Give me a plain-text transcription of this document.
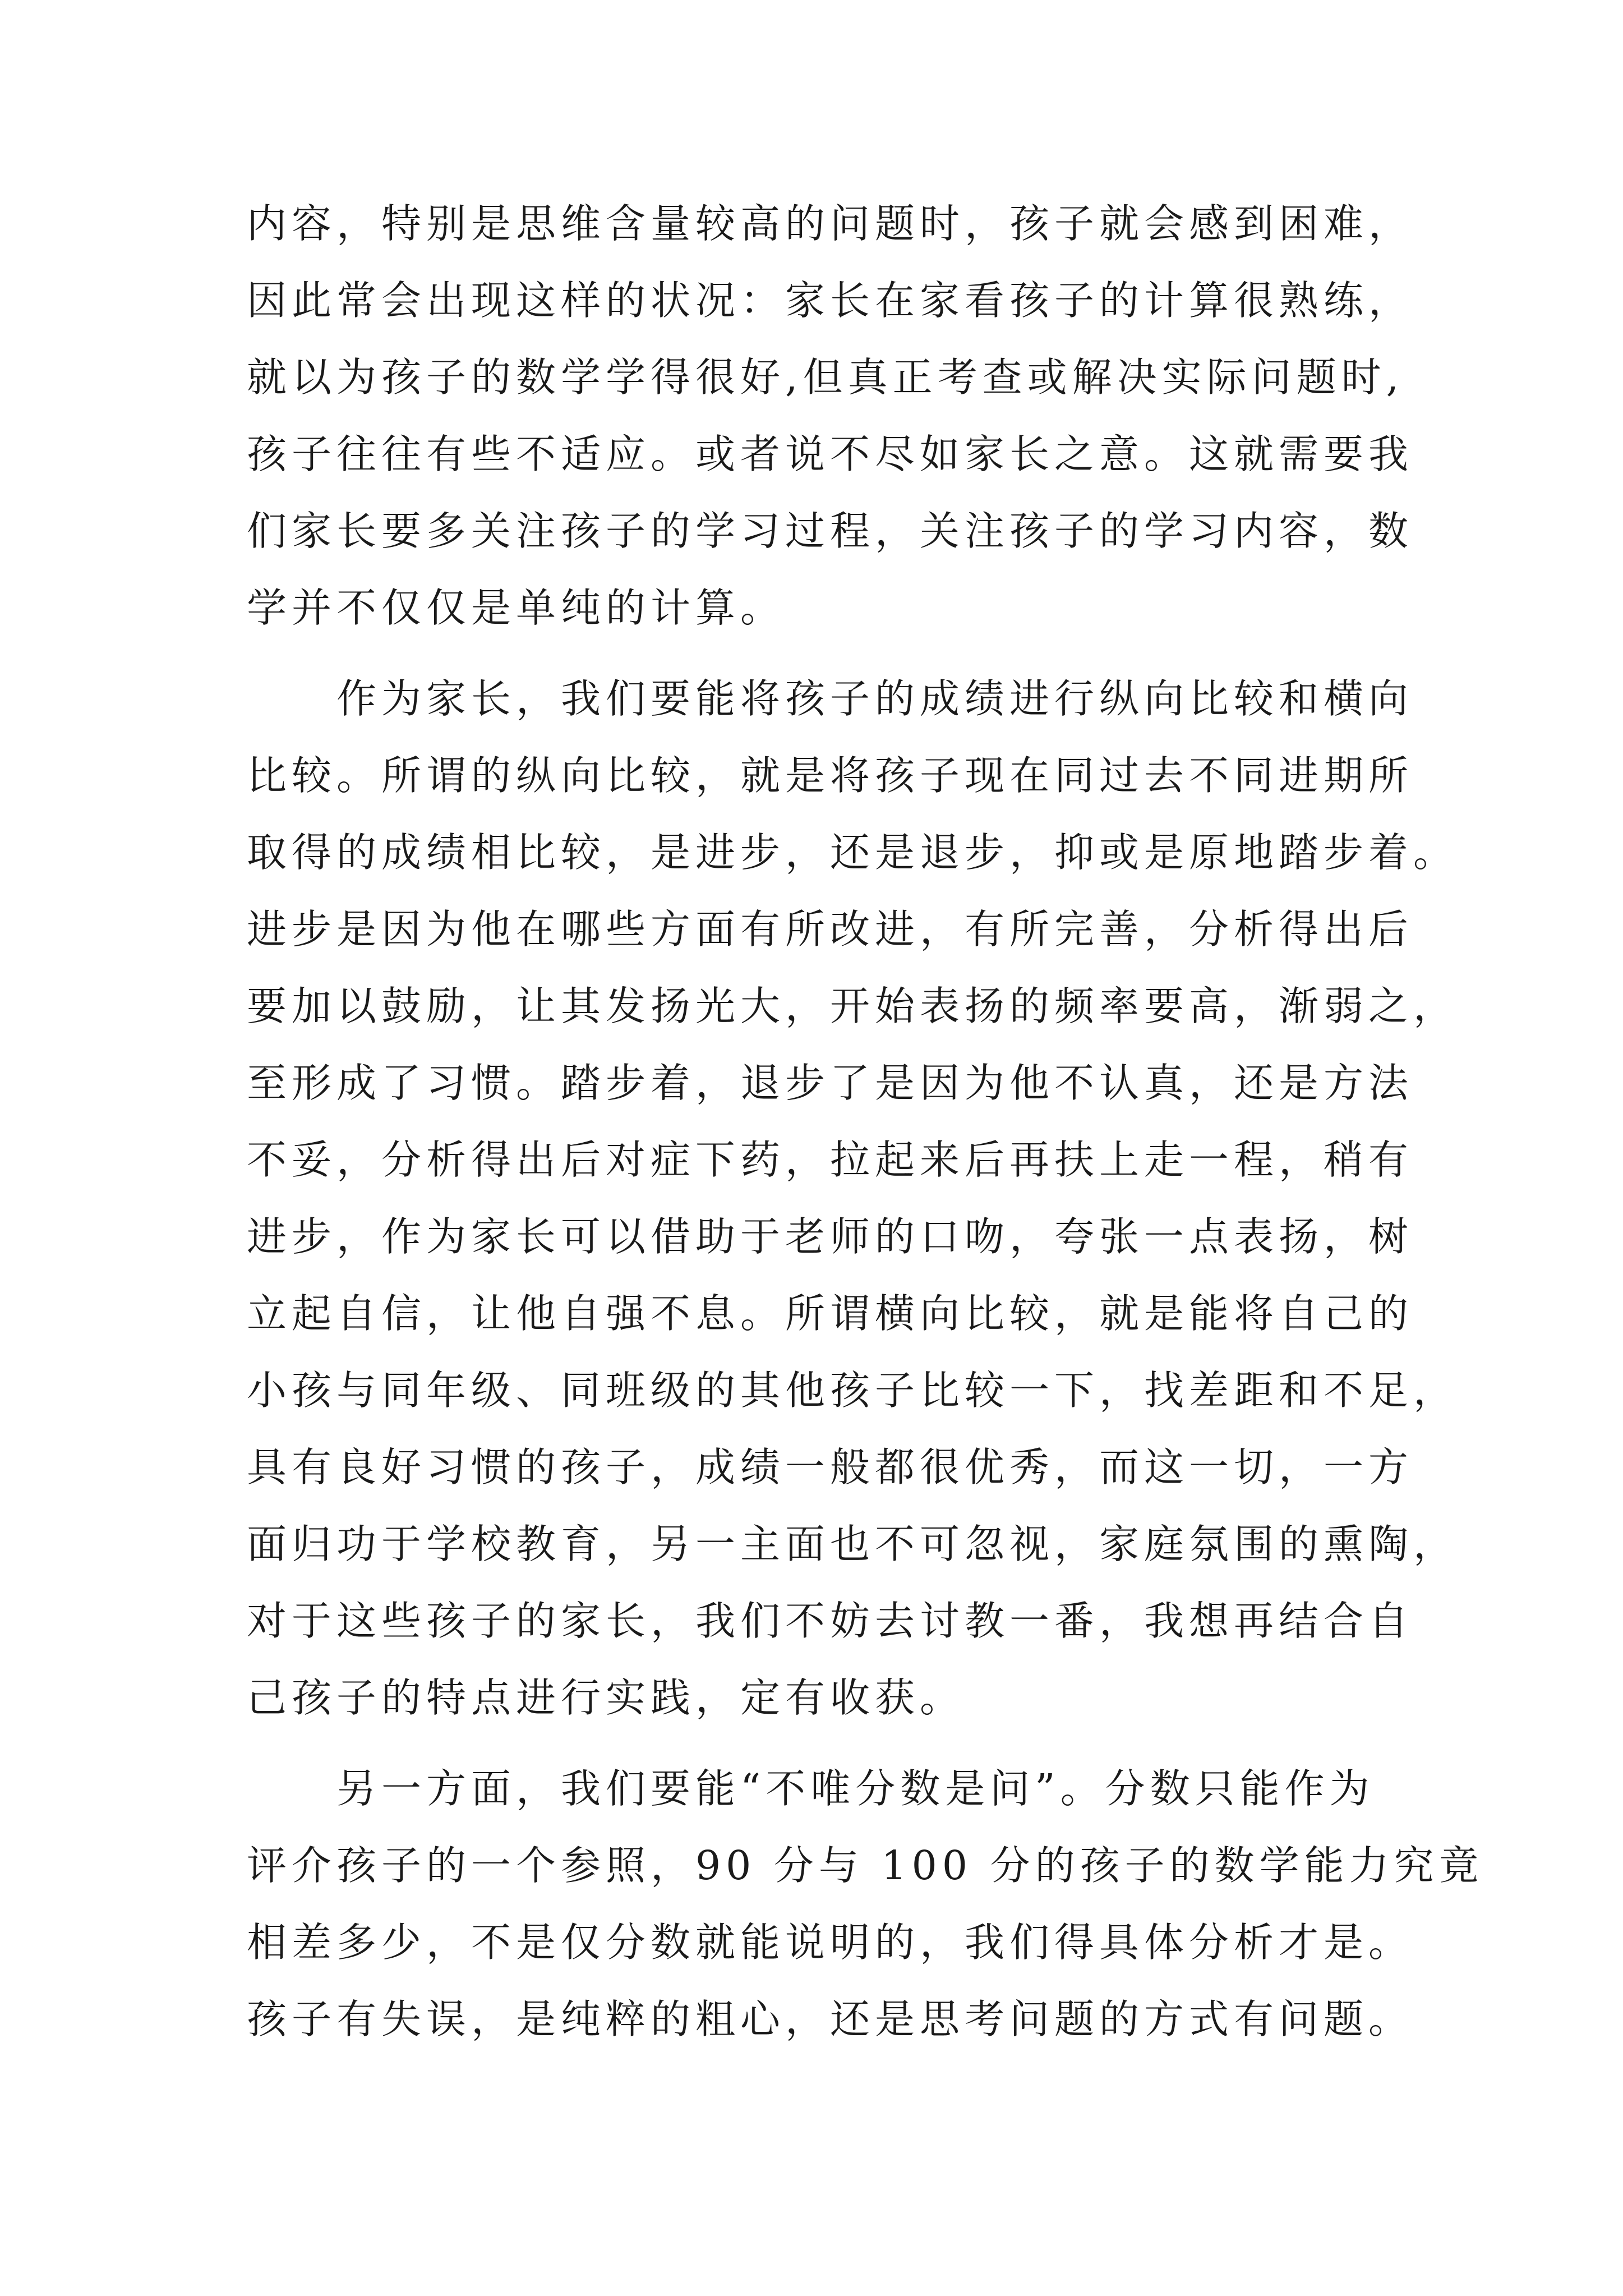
内容，特别是思维含量较高的问题时，孩子就会感到困难，
因此常会出现这样的状况：家长在家看孩子的计算很熟练，
就以为孩子的数学学得很好,但真正考查或解决实际问题时,
孩子往往有些不适应。或者说不尽如家长之意。这就需要我
们家长要多关注孩子的学习过程，关注孩子的学习内容，数
学并不仅仅是单纯的计算。
　　作为家长，我们要能将孩子的成绩进行纵向比较和横向
比较。所谓的纵向比较，就是将孩子现在同过去不同进期所
取得的成绩相比较，是进步，还是退步，抑或是原地踏步着。
进步是因为他在哪些方面有所改进，有所完善，分析得出后
要加以鼓励，让其发扬光大，开始表扬的频率要高，渐弱之，
至形成了习惯。踏步着，退步了是因为他不认真，还是方法
不妥，分析得出后对症下药，拉起来后再扶上走一程，稍有
进步，作为家长可以借助于老师的口吻，夸张一点表扬，树
立起自信，让他自强不息。所谓横向比较，就是能将自己的
小孩与同年级、同班级的其他孩子比较一下，找差距和不足，
具有良好习惯的孩子，成绩一般都很优秀，而这一切，一方
面归功于学校教育，另一主面也不可忽视，家庭氛围的熏陶，
对于这些孩子的家长，我们不妨去讨教一番，我想再结合自
己孩子的特点进行实践，定有收获。
　　另一方面，我们要能“不唯分数是问”。分数只能作为
评介孩子的一个参照，90 分与 100 分的孩子的数学能力究竟
相差多少，不是仅分数就能说明的，我们得具体分析才是。
孩子有失误，是纯粹的粗心，还是思考问题的方式有问题。
